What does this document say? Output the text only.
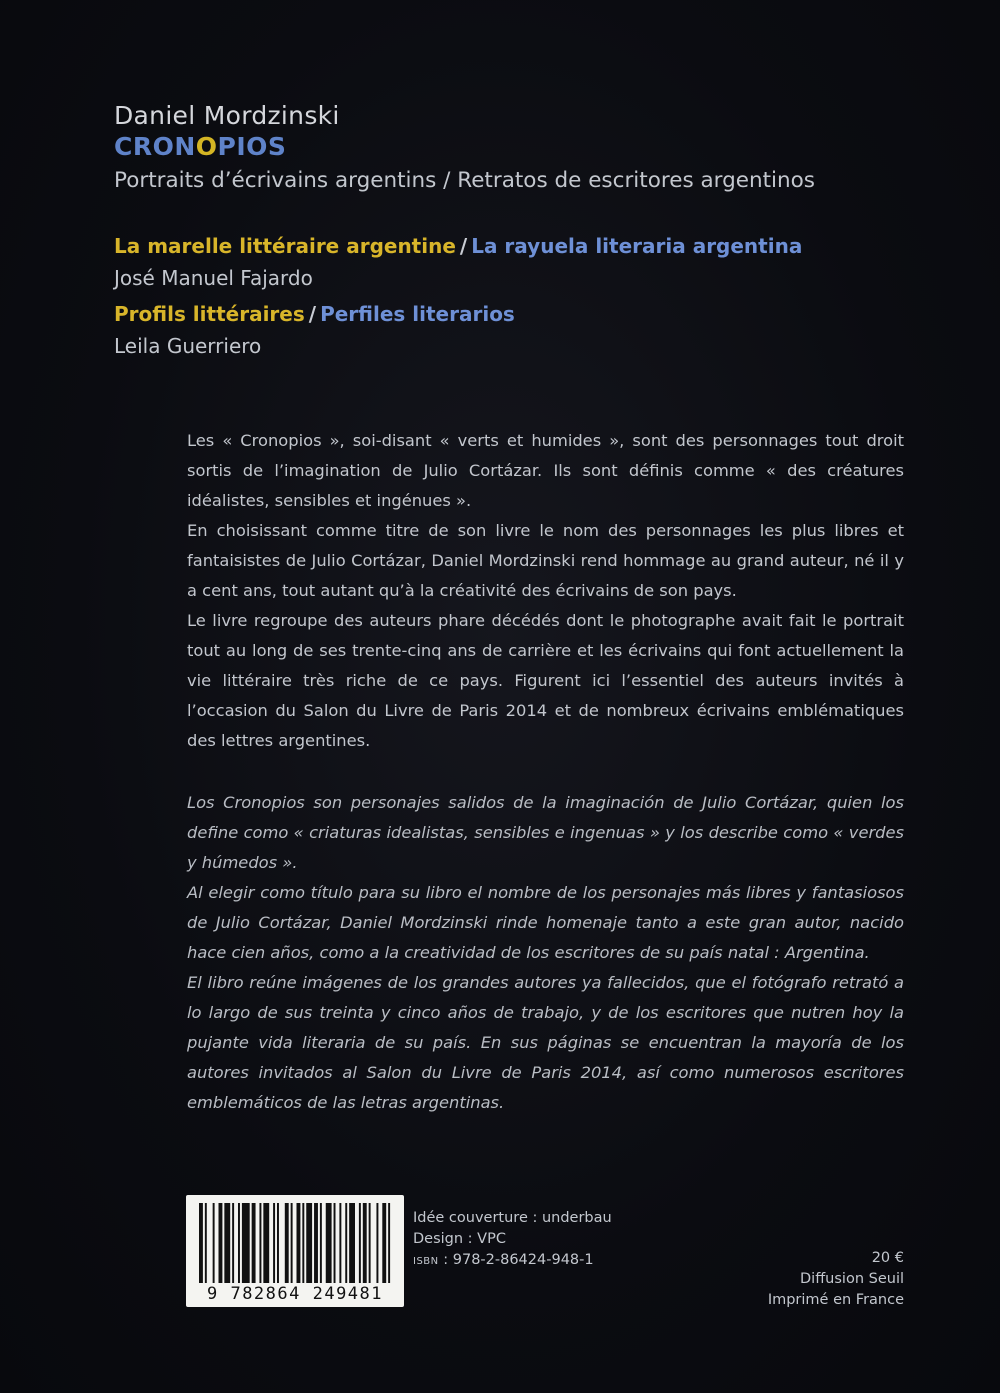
Daniel Mordzinski
CRONOPIOS
Portraits d’écrivains argentins / Retratos de escritores argentinos
La marelle littéraire argentine / La rayuela literaria argentina
José Manuel Fajardo
Profils littéraires / Perfiles literarios
Leila Guerriero

Les « Cronopios », soi-disant « verts et humides », sont des personnages tout droit sortis de l’imagination de Julio Cortázar. Ils sont définis comme « des créatures idéalistes, sensibles et ingénues ».

En choisissant comme titre de son livre le nom des personnages les plus libres et fantaisistes de Julio Cortázar, Daniel Mordzinski rend hommage au grand auteur, né il y a cent ans, tout autant qu’à la créativité des écrivains de son pays.

Le livre regroupe des auteurs phare décédés dont le photographe avait fait le portrait tout au long de ses trente-cinq ans de carrière et les écrivains qui font actuellement la vie littéraire très riche de ce pays. Figurent ici l’essentiel des auteurs invités à l’occasion du Salon du Livre de Paris 2014 et de nombreux écrivains emblématiques des lettres argentines.

Los Cronopios son personajes salidos de la imaginación de Julio Cortázar, quien los define como « criaturas idealistas, sensibles e ingenuas » y los describe como « verdes y húmedos ».

Al elegir como título para su libro el nombre de los personajes más libres y fantasiosos de Julio Cortázar, Daniel Mordzinski rinde homenaje tanto a este gran autor, nacido hace cien años, como a la creatividad de los escritores de su país natal : Argentina.

El libro reúne imágenes de los grandes autores ya fallecidos, que el fotógrafo retrató a lo largo de sus treinta y cinco años de trabajo, y de los escritores que nutren hoy la pujante vida literaria de su país. En sus páginas se encuentran la mayoría de los autores invitados al Salon du Livre de Paris 2014, así como numerosos escritores emblemáticos de las letras argentinas.

9 782864 249481
Idée couverture : underbau
Design : VPC
ISBN : 978-2-86424-948-1	20 €
Diffusion Seuil
Imprimé en France
